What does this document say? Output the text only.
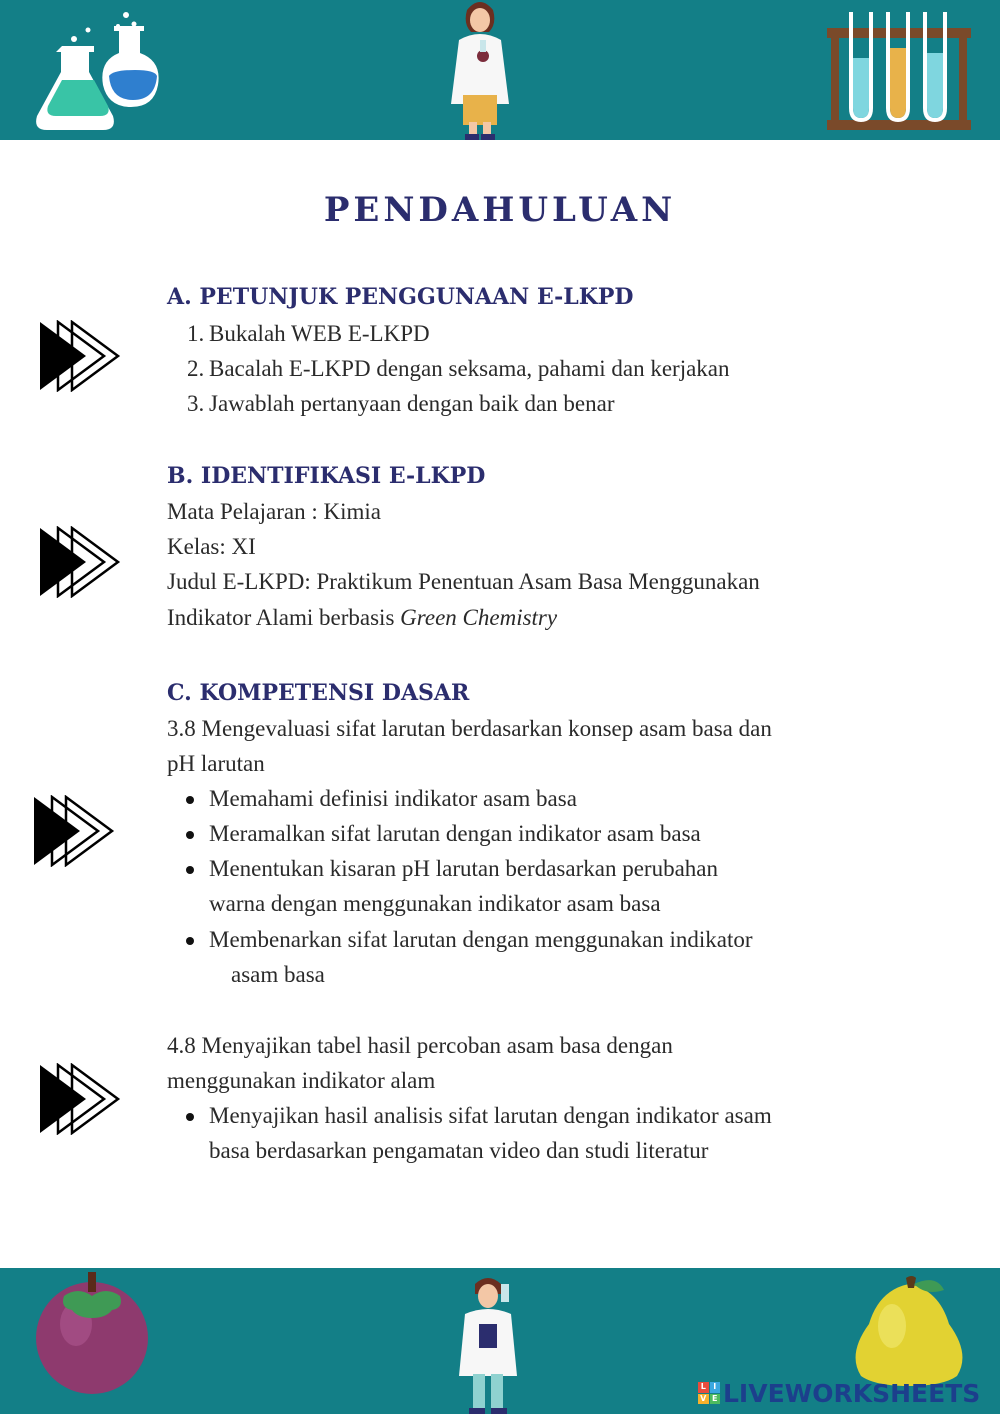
PENDAHULUAN
A. PETUNJUK PENGGUNAAN E-LKPD
1. Bukalah WEB E-LKPD
2. Bacalah E-LKPD dengan seksama, pahami dan kerjakan
3. Jawablah pertanyaan dengan baik dan benar
B. IDENTIFIKASI E-LKPD
Mata Pelajaran : Kimia
Kelas: XI
Judul E-LKPD: Praktikum Penentuan Asam Basa Menggunakan
Indikator Alami berbasis Green Chemistry
C. KOMPETENSI DASAR
3.8 Mengevaluasi sifat larutan berdasarkan konsep asam basa dan
pH larutan
Memahami definisi indikator asam basa
Meramalkan sifat larutan dengan indikator asam basa
Menentukan kisaran pH larutan berdasarkan perubahan
warna dengan menggunakan indikator asam basa
Membenarkan sifat larutan dengan menggunakan indikator
asam basa
4.8 Menyajikan tabel hasil percoban asam basa dengan
menggunakan indikator alam
Menyajikan hasil analisis sifat larutan dengan indikator asam
basa berdasarkan pengamatan video dan studi literatur
L I
V E LIVEWORKSHEETS
